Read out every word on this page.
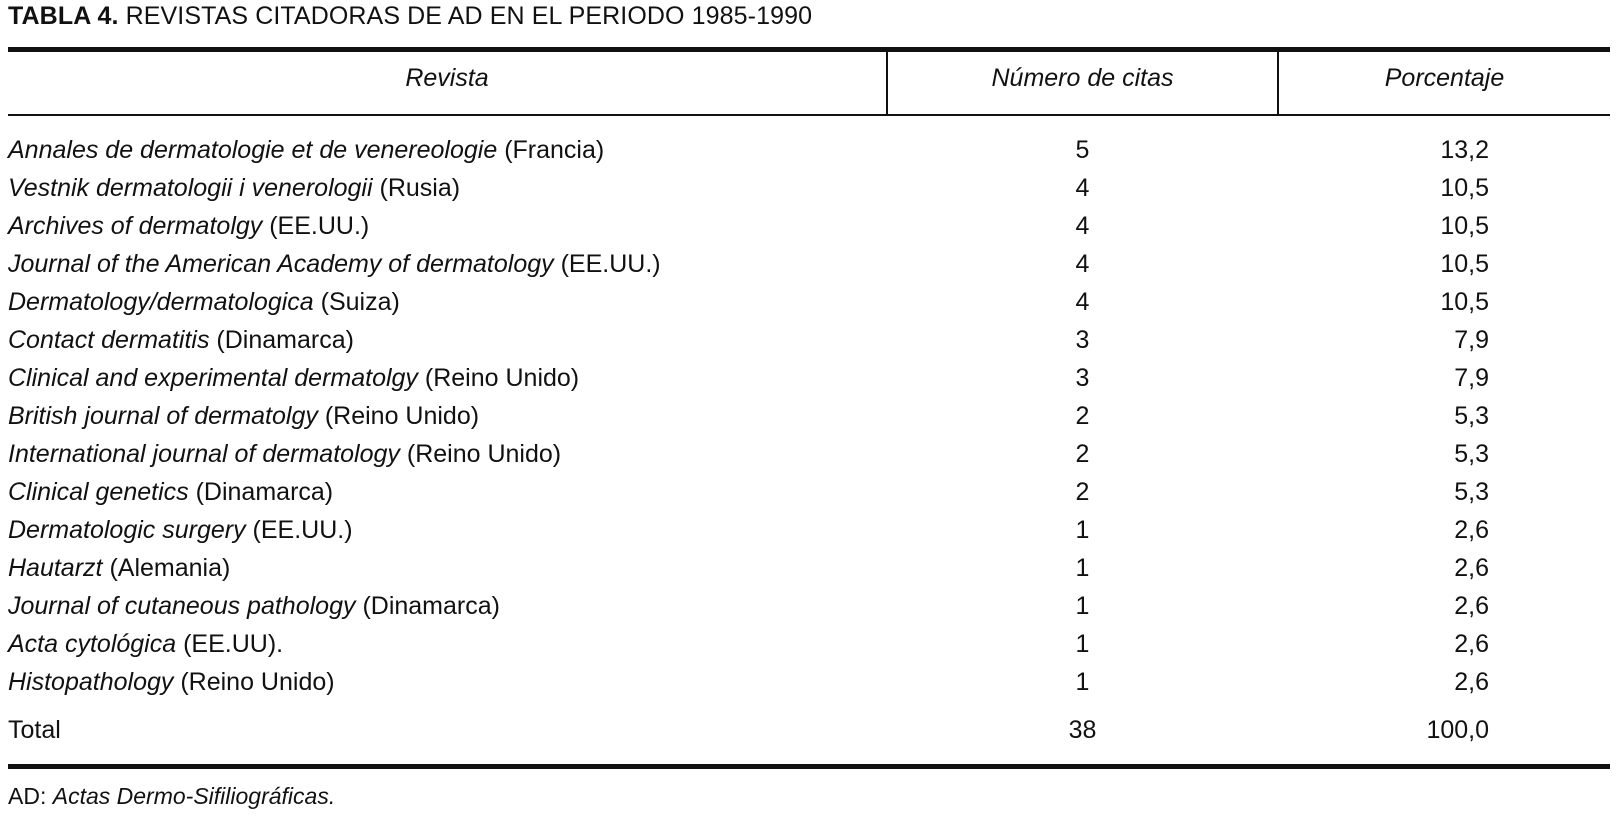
TABLA 4. REVISTAS CITADORAS DE AD EN EL PERIODO 1985-1990
Revista	Número de citas	Porcentaje
Annales de dermatologie et de venereologie (Francia)	5	13,2
Vestnik dermatologii i venerologii (Rusia)	4	10,5
Archives of dermatolgy (EE.UU.)	4	10,5
Journal of the American Academy of dermatology (EE.UU.)	4	10,5
Dermatology/dermatologica (Suiza)	4	10,5
Contact dermatitis (Dinamarca)	3	7,9
Clinical and experimental dermatolgy (Reino Unido)	3	7,9
British journal of dermatolgy (Reino Unido)	2	5,3
International journal of dermatology (Reino Unido)	2	5,3
Clinical genetics (Dinamarca)	2	5,3
Dermatologic surgery (EE.UU.)	1	2,6
Hautarzt (Alemania)	1	2,6
Journal of cutaneous pathology (Dinamarca)	1	2,6
Acta cytológica (EE.UU).	1	2,6
Histopathology (Reino Unido)	1	2,6
Total	38	100,0
AD: Actas Dermo-Sifiliográficas.
